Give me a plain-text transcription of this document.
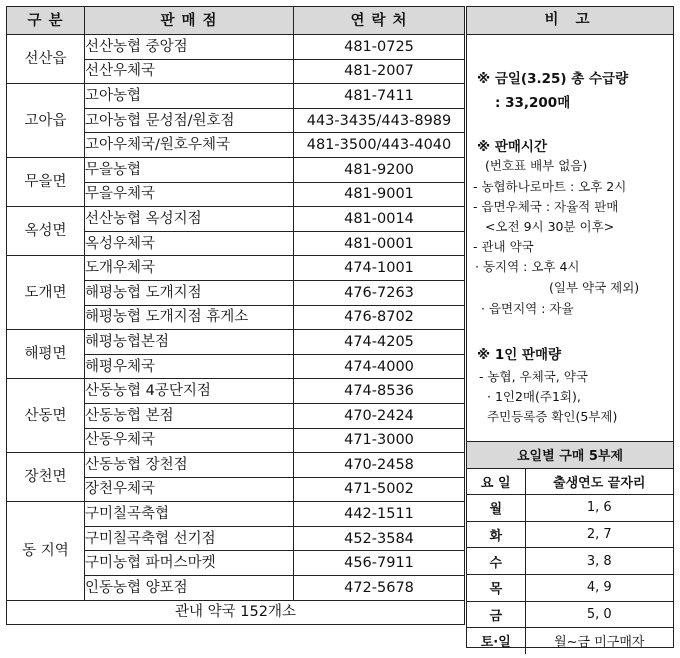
구 분	판 매 점	연 락 처
선산읍	선산농협 중앙점	481-0725
	선산우체국	481-2007
고아읍	고아농협	481-7411
	고아농협 문성점/원호점	443-3435/443-8989
	고아우체국/원호우체국	481-3500/443-4040
무을면	무을농협	481-9200
	무을우체국	481-9001
옥성면	선산농협 옥성지점	481-0014
	옥성우체국	481-0001
도개면	도개우체국	474-1001
	해평농협 도개지점	476-7263
	해평농협 도개지점 휴게소	476-8702
해평면	해평농협본점	474-4205
	해평우체국	474-4000
산동면	산동농협 4공단지점	474-8536
	산동농협 본점	470-2424
	산동우체국	471-3000
장천면	산동농협 장천점	470-2458
	장천우체국	471-5002
동 지역	구미칠곡축협	442-1511
	구미칠곡축협 선기점	452-3584
	구미농협 파머스마켓	456-7911
	인동농협 양포점	472-5678
관내 약국 152개소		
비 고
※ 금일(3.25) 총 수급량
: 33,200매
※ 판매시간
(번호표 배부 없음)
- 농협하나로마트 : 오후 2시
- 읍면우체국 : 자율적 판매
<오전 9시 30분 이후>
- 관내 약국
· 동지역 : 오후 4시
(일부 약국 제외)
· 읍면지역 : 자율
※ 1인 판매량
- 농협, 우체국, 약국
· 1인2매(주1회),
주민등록증 확인(5부제)
요일별 구매 5부제	
요 일	출생연도 끝자리
월	1, 6
화	2, 7
수	3, 8
목	4, 9
금	5, 0
토·일	월~금 미구매자
